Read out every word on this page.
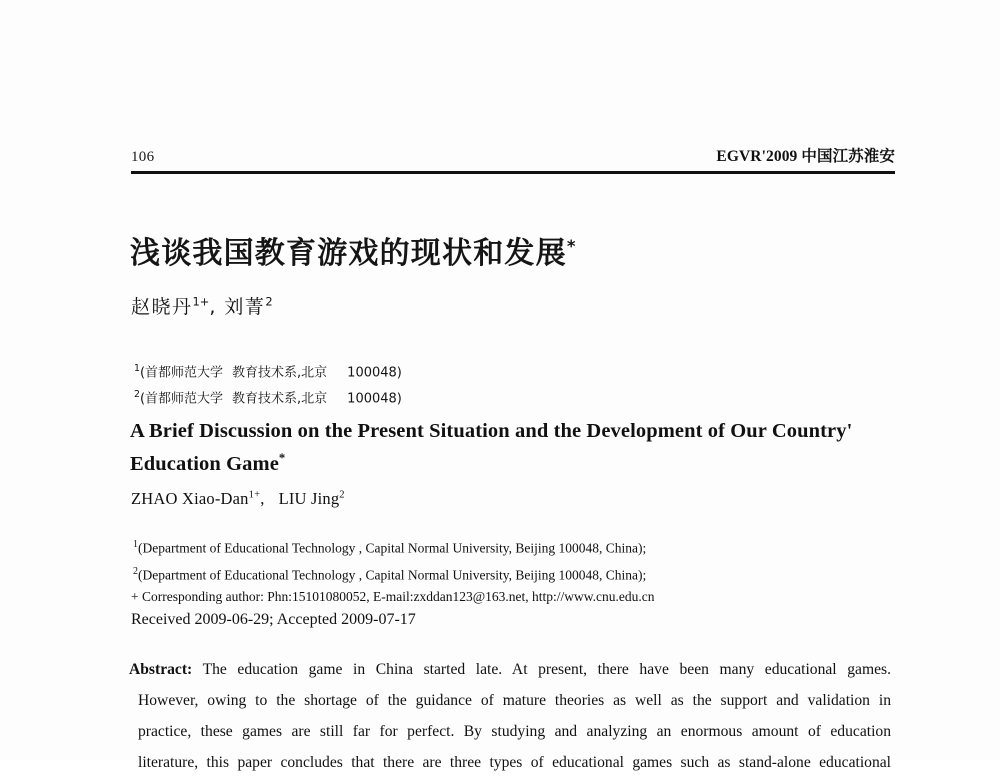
106	EGVR'2009 中国江苏淮安
浅谈我国教育游戏的现状和发展*
赵晓丹$^{1+}$, 刘菁$^2$
$^1$(首都师范大学 教育技术系,北京 100048)
$^2$(首都师范大学 教育技术系,北京 100048)
A Brief Discussion on the Present Situation and the Development of Our Country'
Education Game*
ZHAO Xiao-Dan$^{1+}$, LIU Jing$^2$
$^1$(Department of Educational Technology , Capital Normal University, Beijing 100048, China);
$^2$(Department of Educational Technology , Capital Normal University, Beijing 100048, China);
+ Corresponding author: Phn:15101080052, E-mail:zxddan123@163.net, http://www.cnu.edu.cn
Received 2009-06-29; Accepted 2009-07-17
Abstract: The education game in China started late. At present, there have been many educational games.
However, owing to the shortage of the guidance of mature theories as well as the support and validation in
practice, these games are still far for perfect. By studying and analyzing an enormous amount of education
literature, this paper concludes that there are three types of educational games such as stand-alone educational
